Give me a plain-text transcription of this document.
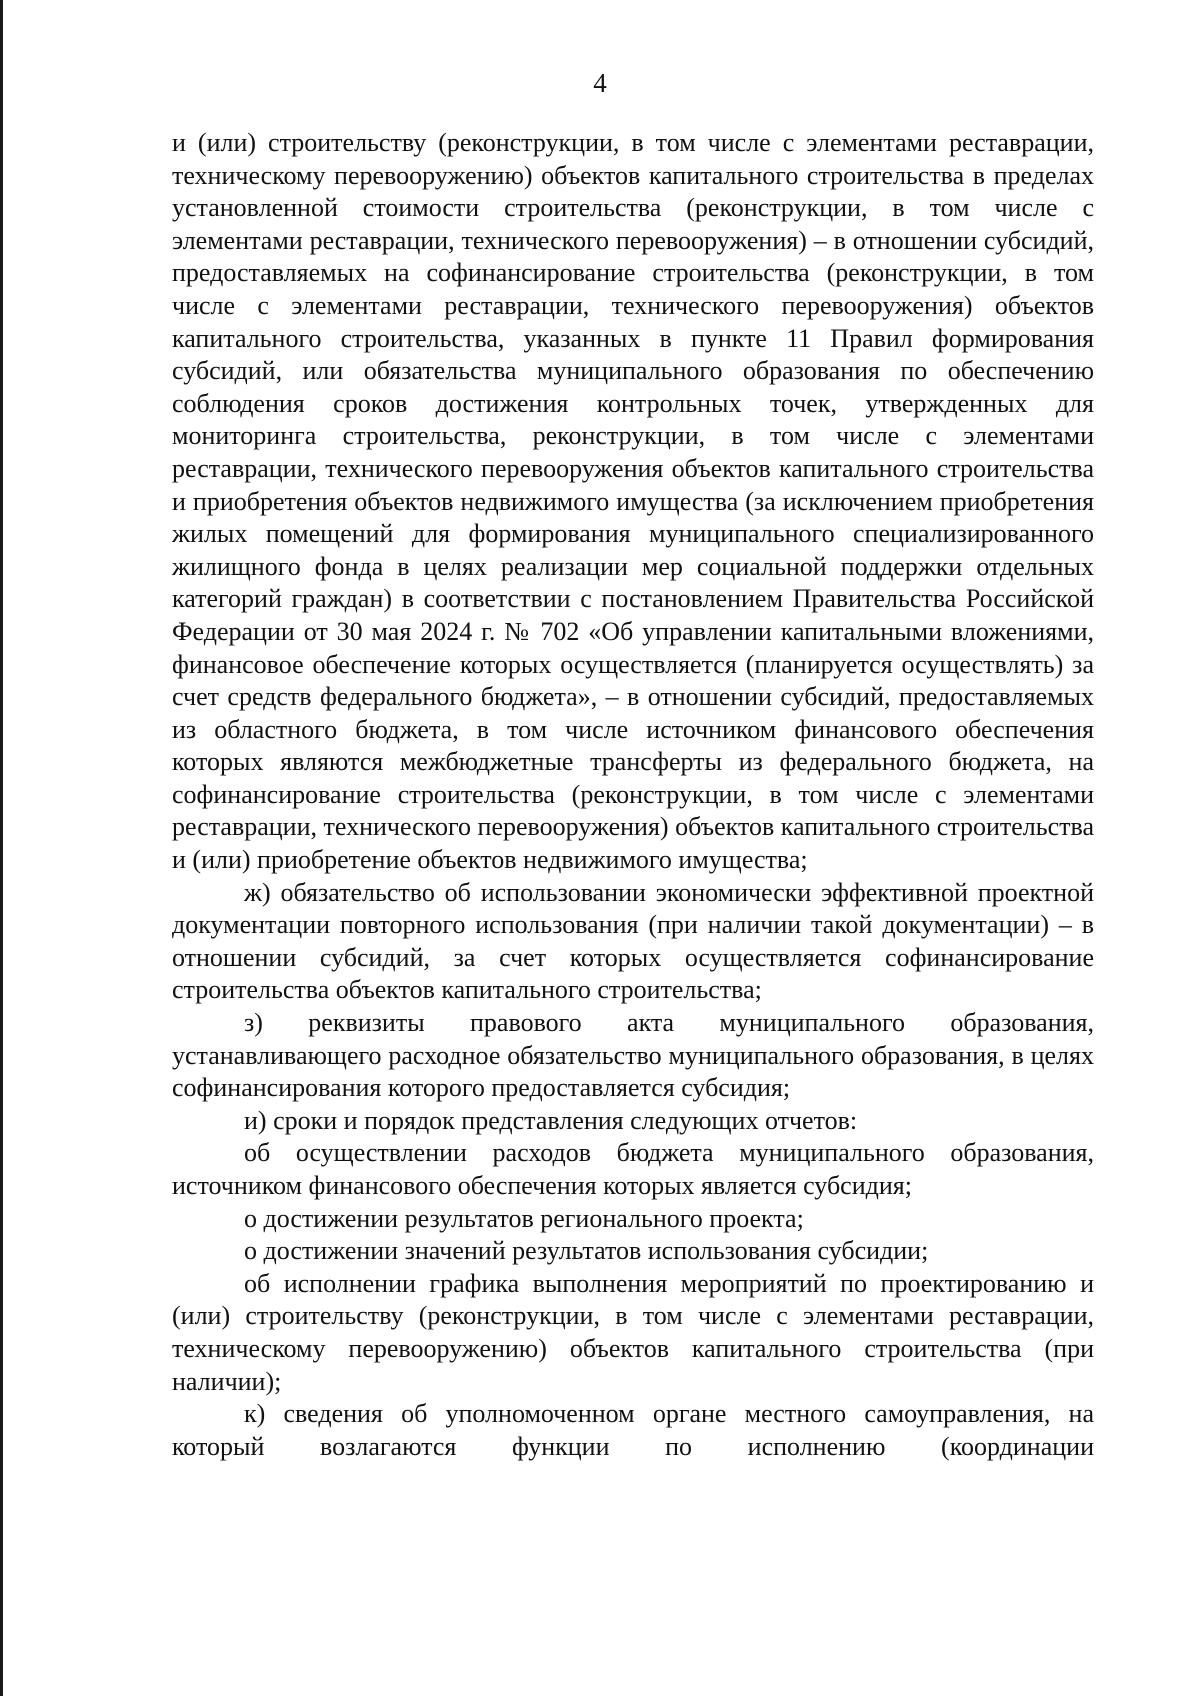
4

и (или) строительству (реконструкции, в том числе с элементами реставрации, техническому перевооружению) объектов капитального строительства в пределах установленной стоимости строительства (реконструкции, в том числе с элементами реставрации, технического перевооружения) – в отношении субсидий, предоставляемых на софинансирование строительства (реконструкции, в том числе с элементами реставрации, технического перевооружения) объектов капитального строительства, указанных в пункте 11 Правил формирования субсидий, или обязательства муниципального образования по обеспечению соблюдения сроков достижения контрольных точек, утвержденных для мониторинга строительства, реконструкции, в том числе с элементами реставрации, технического перевооружения объектов капитального строительства и приобретения объектов недвижимого имущества (за исключением приобретения жилых помещений для формирования муниципального специализированного жилищного фонда в целях реализации мер социальной поддержки отдельных категорий граждан) в соответствии с постановлением Правительства Российской Федерации от 30 мая 2024 г. № 702 «Об управлении капитальными вложениями, финансовое обеспечение которых осуществляется (планируется осуществлять) за счет средств федерального бюджета», – в отношении субсидий, предоставляемых из областного бюджета, в том числе источником финансового обеспечения которых являются межбюджетные трансферты из федерального бюджета, на софинансирование строительства (реконструкции, в том числе с элементами реставрации, технического перевооружения) объектов капитального строительства и (или) приобретение объектов недвижимого имущества;

ж) обязательство об использовании экономически эффективной проектной документации повторного использования (при наличии такой документации) – в отношении субсидий, за счет которых осуществляется софинансирование строительства объектов капитального строительства;

з) реквизиты правового акта муниципального образования, устанавливающего расходное обязательство муниципального образования, в целях софинансирования которого предоставляется субсидия;

и) сроки и порядок представления следующих отчетов:

об осуществлении расходов бюджета муниципального образования, источником финансового обеспечения которых является субсидия;

о достижении результатов регионального проекта;

о достижении значений результатов использования субсидии;

об исполнении графика выполнения мероприятий по проектированию и (или) строительству (реконструкции, в том числе с элементами реставрации, техническому перевооружению) объектов капитального строительства (при наличии);

к) сведения об уполномоченном органе местного самоуправления, на который возлагаются функции по исполнению (координации
